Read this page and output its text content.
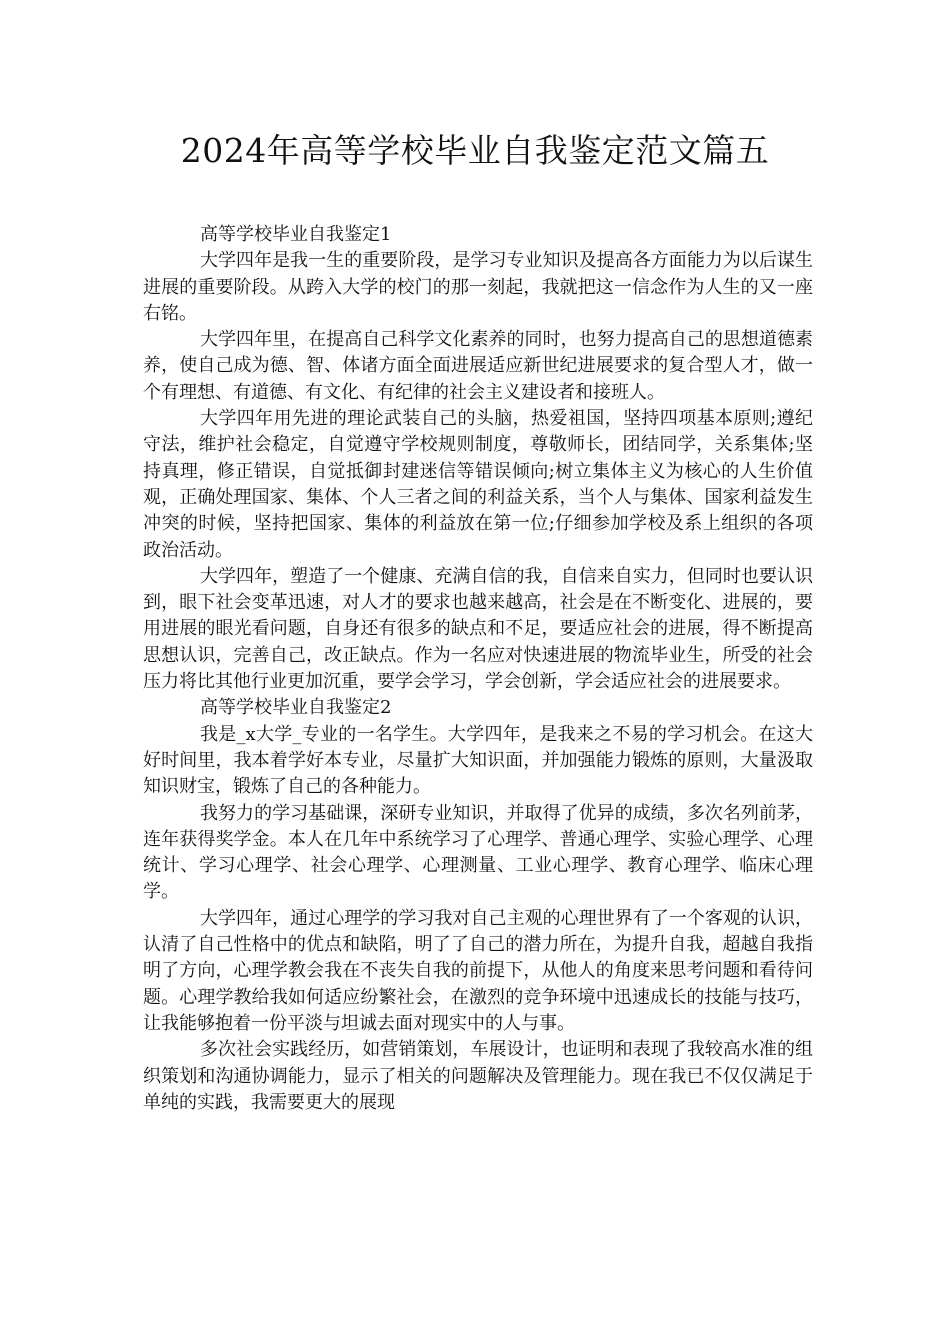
2024年高等学校毕业自我鉴定范文篇五

高等学校毕业自我鉴定1

大学四年是我一生的重要阶段，是学习专业知识及提高各方面能力为以后谋生进展的重要阶段。从跨入大学的校门的那一刻起，我就把这一信念作为人生的又一座右铭。

大学四年里，在提高自己科学文化素养的同时，也努力提高自己的思想道德素养，使自己成为德、智、体诸方面全面进展适应新世纪进展要求的复合型人才，做一个有理想、有道德、有文化、有纪律的社会主义建设者和接班人。

大学四年用先进的理论武装自己的头脑，热爱祖国，坚持四项基本原则;遵纪守法，维护社会稳定，自觉遵守学校规则制度，尊敬师长，团结同学，关系集体;坚持真理，修正错误，自觉抵御封建迷信等错误倾向;树立集体主义为核心的人生价值观，正确处理国家、集体、个人三者之间的利益关系，当个人与集体、国家利益发生冲突的时候，坚持把国家、集体的利益放在第一位;仔细参加学校及系上组织的各项政治活动。

大学四年，塑造了一个健康、充满自信的我，自信来自实力，但同时也要认识到，眼下社会变革迅速，对人才的要求也越来越高，社会是在不断变化、进展的，要用进展的眼光看问题，自身还有很多的缺点和不足，要适应社会的进展，得不断提高思想认识，完善自己，改正缺点。作为一名应对快速进展的物流毕业生，所受的社会压力将比其他行业更加沉重，要学会学习，学会创新，学会适应社会的进展要求。

高等学校毕业自我鉴定2

我是_x大学_专业的一名学生。大学四年，是我来之不易的学习机会。在这大好时间里，我本着学好本专业，尽量扩大知识面，并加强能力锻炼的原则，大量汲取知识财宝，锻炼了自己的各种能力。

我努力的学习基础课，深研专业知识，并取得了优异的成绩，多次名列前茅，连年获得奖学金。本人在几年中系统学习了心理学、普通心理学、实验心理学、心理统计、学习心理学、社会心理学、心理测量、工业心理学、教育心理学、临床心理学。

大学四年，通过心理学的学习我对自己主观的心理世界有了一个客观的认识，认清了自己性格中的优点和缺陷，明了了自己的潜力所在，为提升自我，超越自我指明了方向，心理学教会我在不丧失自我的前提下，从他人的角度来思考问题和看待问题。心理学教给我如何适应纷繁社会，在激烈的竞争环境中迅速成长的技能与技巧，让我能够抱着一份平淡与坦诚去面对现实中的人与事。

多次社会实践经历，如营销策划，车展设计，也证明和表现了我较高水准的组织策划和沟通协调能力，显示了相关的问题解决及管理能力。现在我已不仅仅满足于单纯的实践，我需要更大的展现
